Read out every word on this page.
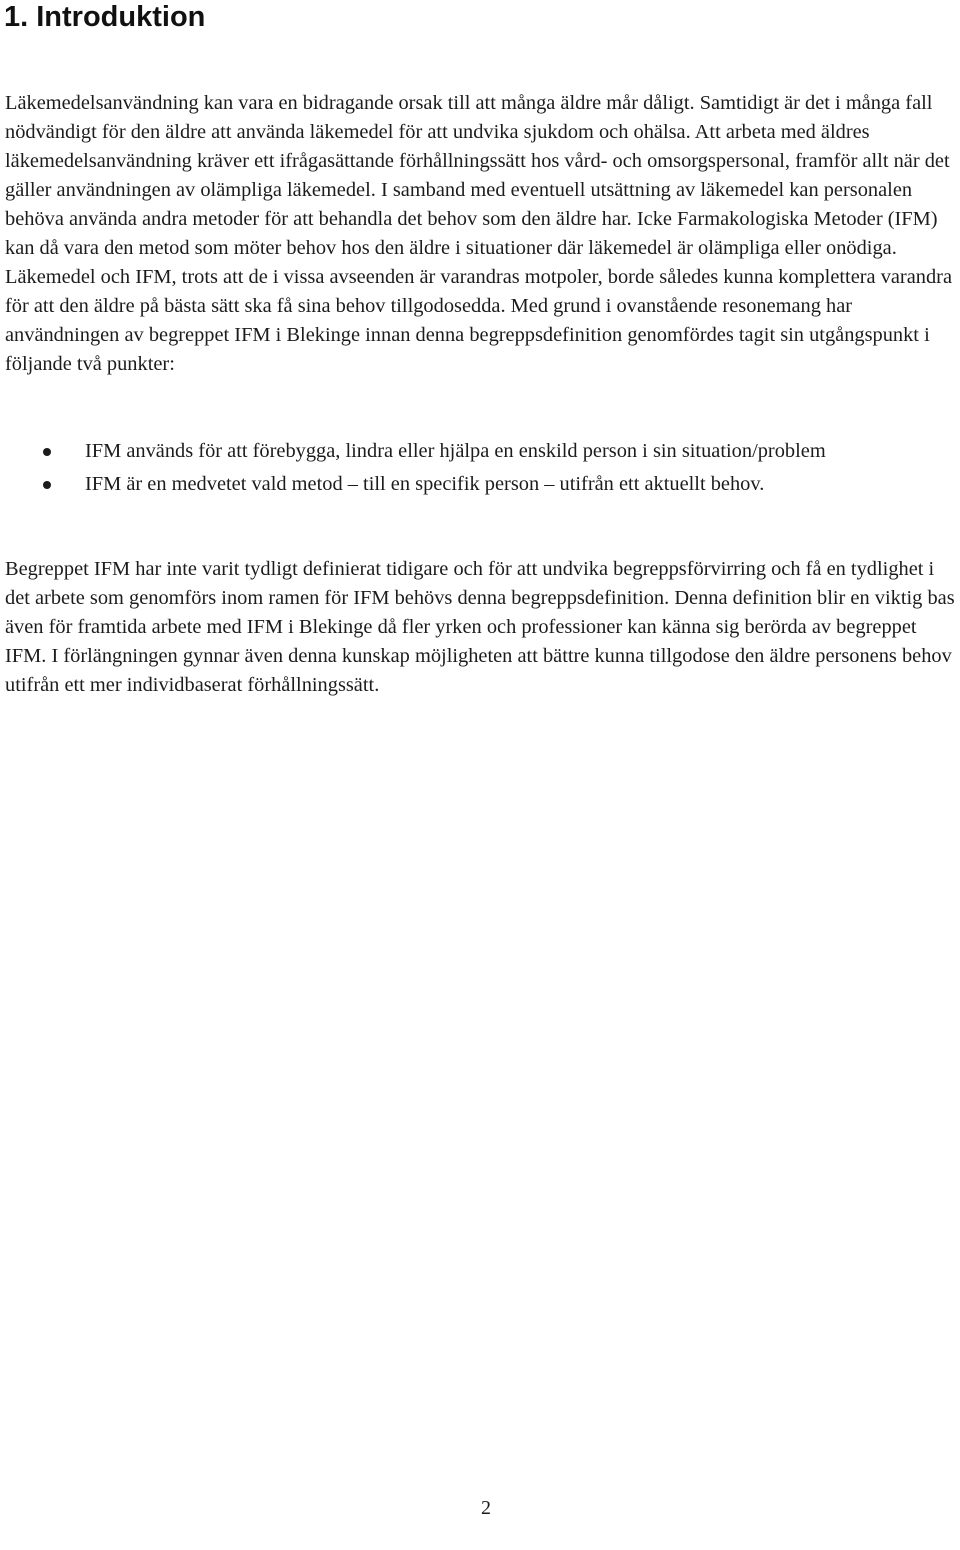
1. Introduktion

Läkemedelsanvändning kan vara en bidragande orsak till att många äldre mår dåligt. Samtidigt är det i många fall nödvändigt för den äldre att använda läkemedel för att undvika sjukdom och ohälsa. Att arbeta med äldres läkemedelsanvändning kräver ett ifrågasättande förhållningssätt hos vård- och omsorgspersonal, framför allt när det gäller användningen av olämpliga läkemedel. I samband med eventuell utsättning av läkemedel kan personalen behöva använda andra metoder för att behandla det behov som den äldre har. Icke Farmakologiska Metoder (IFM) kan då vara den metod som möter behov hos den äldre i situationer där läkemedel är olämpliga eller onödiga. Läkemedel och IFM, trots att de i vissa avseenden är varandras motpoler, borde således kunna komplettera varandra för att den äldre på bästa sätt ska få sina behov tillgodosedda. Med grund i ovanstående resonemang har användningen av begreppet IFM i Blekinge innan denna begreppsdefinition genomfördes tagit sin utgångspunkt i följande två punkter:

IFM används för att förebygga, lindra eller hjälpa en enskild person i sin situation/problem
IFM är en medvetet vald metod – till en specifik person – utifrån ett aktuellt behov.

Begreppet IFM har inte varit tydligt definierat tidigare och för att undvika begreppsförvirring och få en tydlighet i det arbete som genomförs inom ramen för IFM behövs denna begreppsdefinition. Denna definition blir en viktig bas även för framtida arbete med IFM i Blekinge då fler yrken och professioner kan känna sig berörda av begreppet IFM. I förlängningen gynnar även denna kunskap möjligheten att bättre kunna tillgodose den äldre personens behov utifrån ett mer individbaserat förhållningssätt.

2
